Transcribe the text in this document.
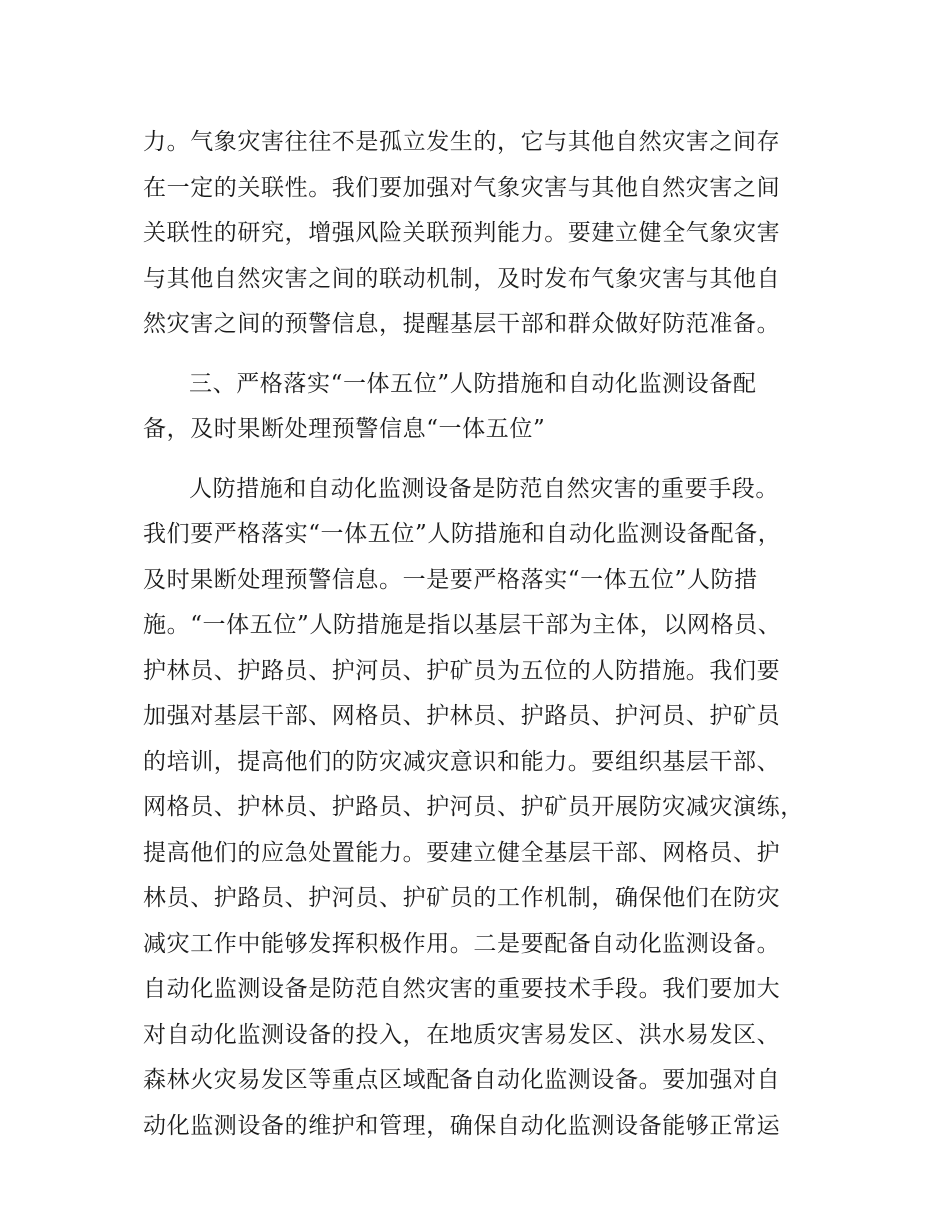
力。气象灾害往往不是孤立发生的，它与其他自然灾害之间存
在一定的关联性。我们要加强对气象灾害与其他自然灾害之间
关联性的研究，增强风险关联预判能力。要建立健全气象灾害
与其他自然灾害之间的联动机制，及时发布气象灾害与其他自
然灾害之间的预警信息，提醒基层干部和群众做好防范准备。
三、严格落实“一体五位”人防措施和自动化监测设备配
备，及时果断处理预警信息“一体五位”
人防措施和自动化监测设备是防范自然灾害的重要手段。
我们要严格落实“一体五位”人防措施和自动化监测设备配备，
及时果断处理预警信息。一是要严格落实“一体五位”人防措
施。“一体五位”人防措施是指以基层干部为主体，以网格员、
护林员、护路员、护河员、护矿员为五位的人防措施。我们要
加强对基层干部、网格员、护林员、护路员、护河员、护矿员
的培训，提高他们的防灾减灾意识和能力。要组织基层干部、
网格员、护林员、护路员、护河员、护矿员开展防灾减灾演练，
提高他们的应急处置能力。要建立健全基层干部、网格员、护
林员、护路员、护河员、护矿员的工作机制，确保他们在防灾
减灾工作中能够发挥积极作用。二是要配备自动化监测设备。
自动化监测设备是防范自然灾害的重要技术手段。我们要加大
对自动化监测设备的投入，在地质灾害易发区、洪水易发区、
森林火灾易发区等重点区域配备自动化监测设备。要加强对自
动化监测设备的维护和管理，确保自动化监测设备能够正常运
